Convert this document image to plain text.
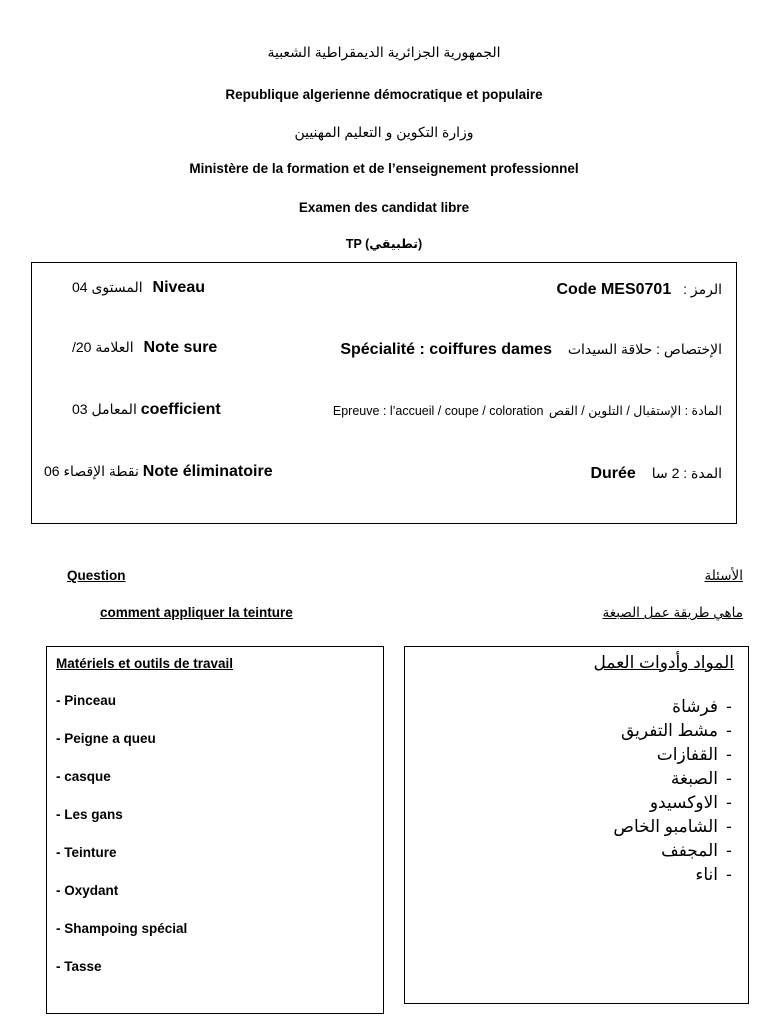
الجمهورية الجزائرية الديمقراطية الشعبية
Republique algerienne démocratique et populaire
وزارة التكوين و التعليم المهنيين
Ministère de la formation et de l’enseignement professionnel
Examen des candidat libre
TP (تطبيقي)
المستوى 04 Niveau	Code MES0701 الرمز :
العلامة 20/ Note sure	Spécialité : coiffures dames الإختصاص : حلاقة السيدات
المعامل 03 coefficient	Epreuve : l’accueil / coupe / coloration المادة : الإستقبال / التلوين / القص
نقطة الإقصاء 06 Note éliminatoire	Durée المدة : 2 سا
Question	الأسئلة
comment appliquer la teinture	ماهي طريقة عمل الصبغة
Matériels et outils de travail
- Pinceau
- Peigne a queu
- casque
- Les gans
- Teinture
- Oxydant
- Shampoing spécial
- Tasse
المواد وأدوات العمل
- فرشاة
- مشط التفريق
- القفازات
- الصبغة
- الاوكسيدو
- الشامبو الخاص
- المجفف
- اناء
